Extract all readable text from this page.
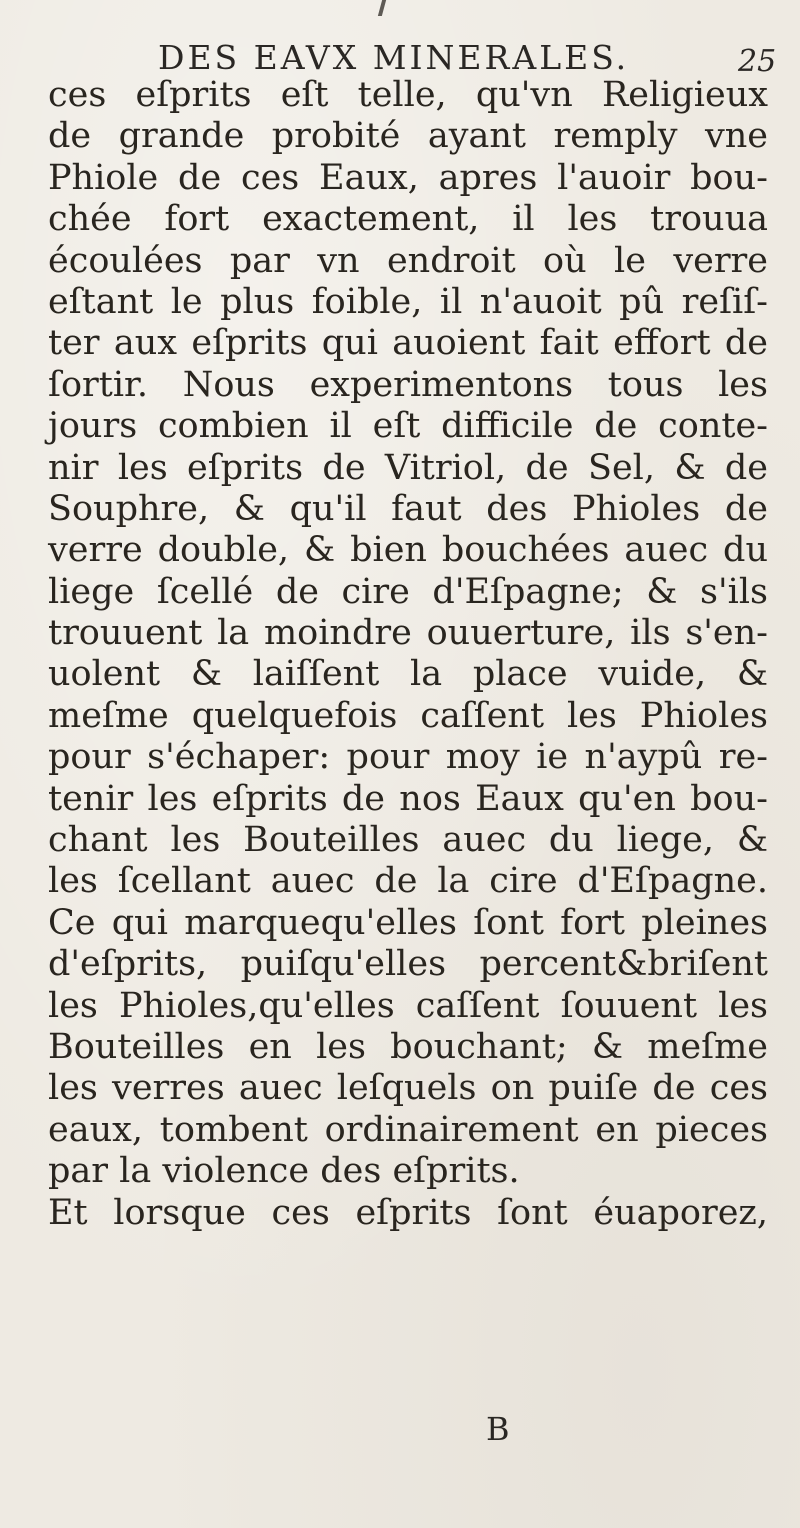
DES EAVX MINERALES.	25
ces eſprits eſt telle, qu'vn Religieux
de grande probité ayant remply vne
Phiole de ces Eaux, apres l'auoir bou-
chée fort exactement, il les trouua
écoulées par vn endroit où le verre
eſtant le plus foible, il n'auoit pû reſiſ-
ter aux eſprits qui auoient fait effort de
ſortir. Nous experimentons tous les
jours combien il eſt difficile de conte-
nir les eſprits de Vitriol, de Sel, & de
Souphre, & qu'il faut des Phioles de
verre double, & bien bouchées auec du
liege ſcellé de cire d'Eſpagne; & s'ils
trouuent la moindre ouuerture, ils s'en-
uolent & laiſſent la place vuide, &
meſme quelquefois caſſent les Phioles
pour s'échaper: pour moy ie n'aypû re-
tenir les eſprits de nos Eaux qu'en bou-
chant les Bouteilles auec du liege, &
les ſcellant auec de la cire d'Eſpagne.
Ce qui marquequ'elles ſont fort pleines
d'eſprits, puiſqu'elles percent&briſent
les Phioles,qu'elles caſſent ſouuent les
Bouteilles en les bouchant; & meſme
les verres auec leſquels on puiſe de ces
eaux, tombent ordinairement en pieces
par la violence des eſprits.
Et lorsque ces eſprits ſont éuaporez,
B
